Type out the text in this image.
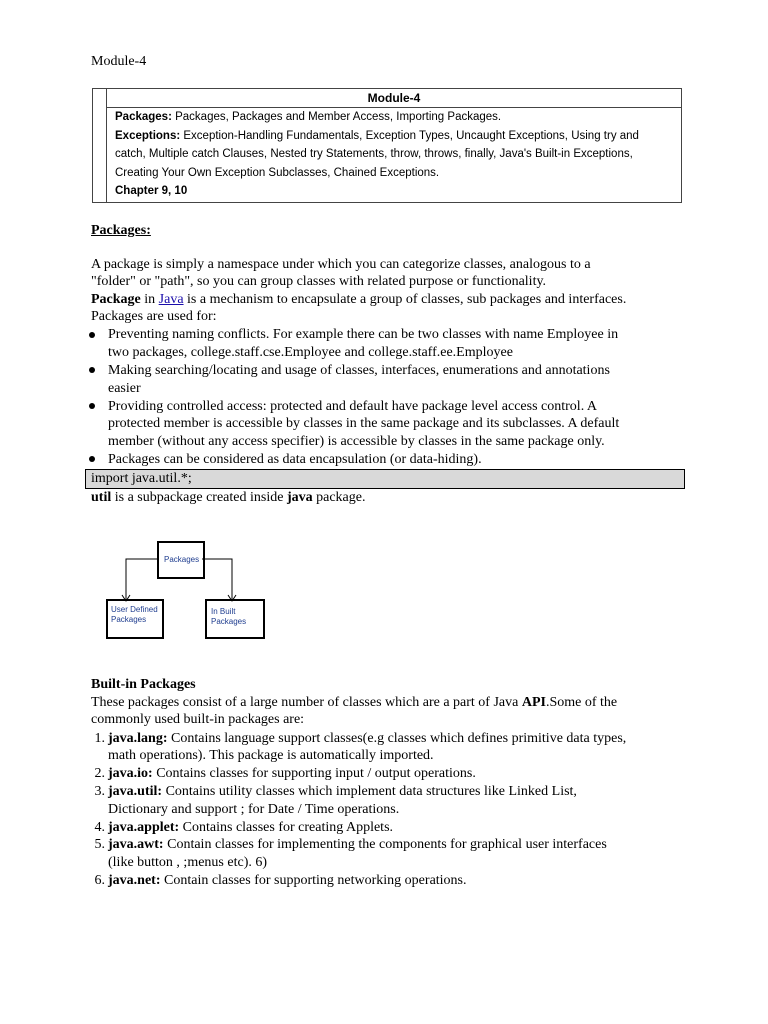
Module-4
Module-4
Packages: Packages, Packages and Member Access, Importing Packages.
Exceptions: Exception-Handling Fundamentals, Exception Types, Uncaught Exceptions, Using try and
catch, Multiple catch Clauses, Nested try Statements, throw, throws, finally, Java's Built-in Exceptions,
Creating Your Own Exception Subclasses, Chained Exceptions.
Chapter 9, 10
Packages:
A package is simply a namespace under which you can categorize classes, analogous to a
"folder" or "path", so you can group classes with related purpose or functionality.
Package in Java is a mechanism to encapsulate a group of classes, sub packages and interfaces.
Packages are used for:
Preventing naming conflicts. For example there can be two classes with name Employee in
two packages, college.staff.cse.Employee and college.staff.ee.Employee
Making searching/locating and usage of classes, interfaces, enumerations and annotations
easier
Providing controlled access: protected and default have package level access control. A
protected member is accessible by classes in the same package and its subclasses. A default
member (without any access specifier) is accessible by classes in the same package only.
Packages can be considered as data encapsulation (or data-hiding).
import java.util.*;
util is a subpackage created inside java package.
Packages
User Defined
Packages
In Built
Packages
Built-in Packages
These packages consist of a large number of classes which are a part of Java API.Some of the
commonly used built-in packages are:
1. java.lang: Contains language support classes(e.g classes which defines primitive data types,
math operations). This package is automatically imported.
2. java.io: Contains classes for supporting input / output operations.
3. java.util: Contains utility classes which implement data structures like Linked List,
Dictionary and support ; for Date / Time operations.
4. java.applet: Contains classes for creating Applets.
5. java.awt: Contain classes for implementing the components for graphical user interfaces
(like button , ;menus etc). 6)
6. java.net: Contain classes for supporting networking operations.
